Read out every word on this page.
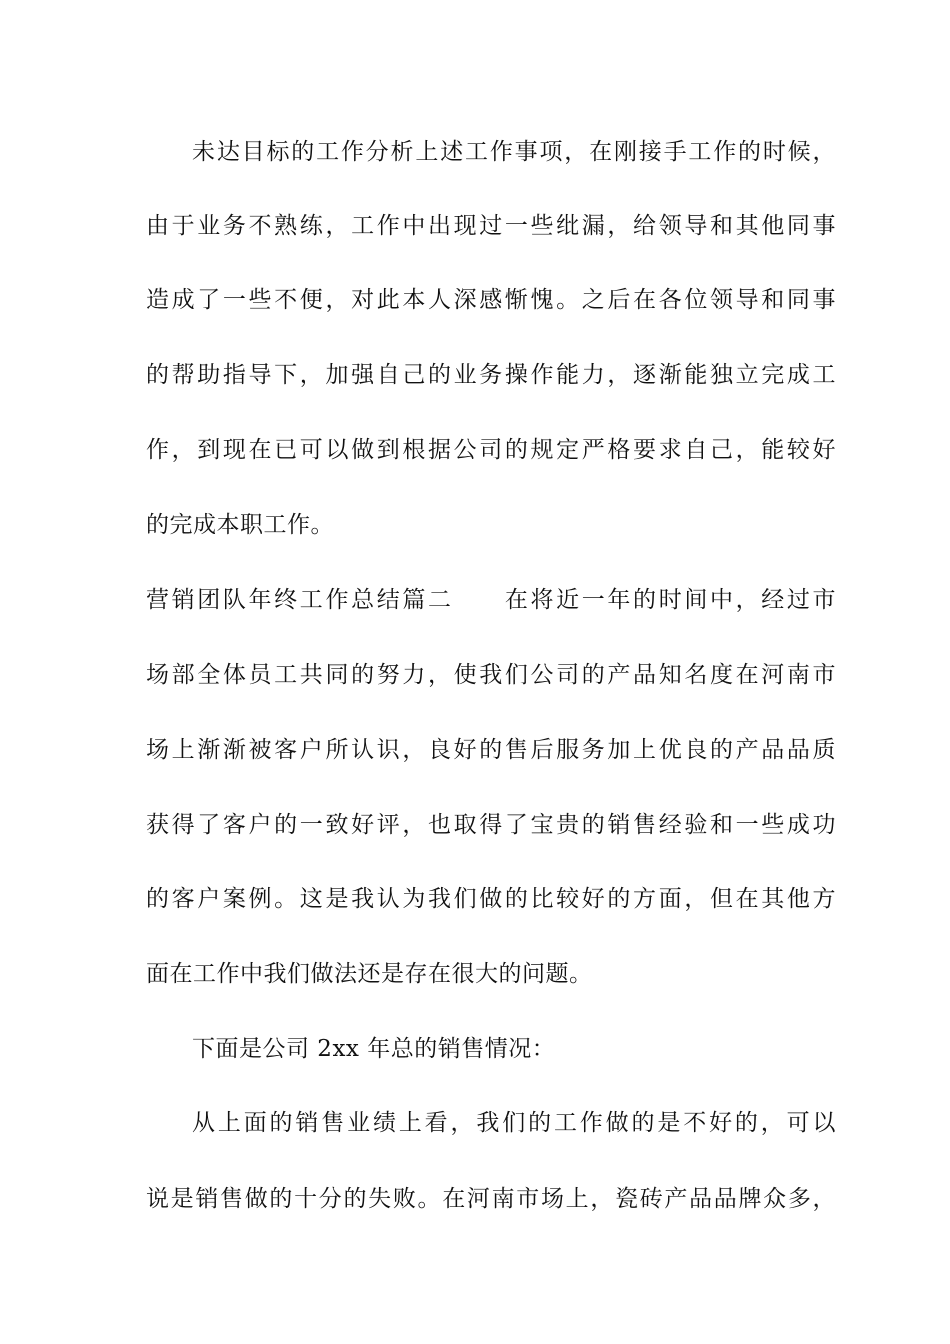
未达目标的工作分析上述工作事项，在刚接手工作的时候，
由于业务不熟练，工作中出现过一些纰漏，给领导和其他同事
造成了一些不便，对此本人深感惭愧。之后在各位领导和同事
的帮助指导下，加强自己的业务操作能力，逐渐能独立完成工
作，到现在已可以做到根据公司的规定严格要求自己，能较好
的完成本职工作。
营销团队年终工作总结篇二　　在将近一年的时间中，经过市
场部全体员工共同的努力，使我们公司的产品知名度在河南市
场上渐渐被客户所认识，良好的售后服务加上优良的产品品质
获得了客户的一致好评，也取得了宝贵的销售经验和一些成功
的客户案例。这是我认为我们做的比较好的方面，但在其他方
面在工作中我们做法还是存在很大的问题。
下面是公司 2xx 年总的销售情况：
从上面的销售业绩上看，我们的工作做的是不好的，可以
说是销售做的十分的失败。在河南市场上，瓷砖产品品牌众多，
